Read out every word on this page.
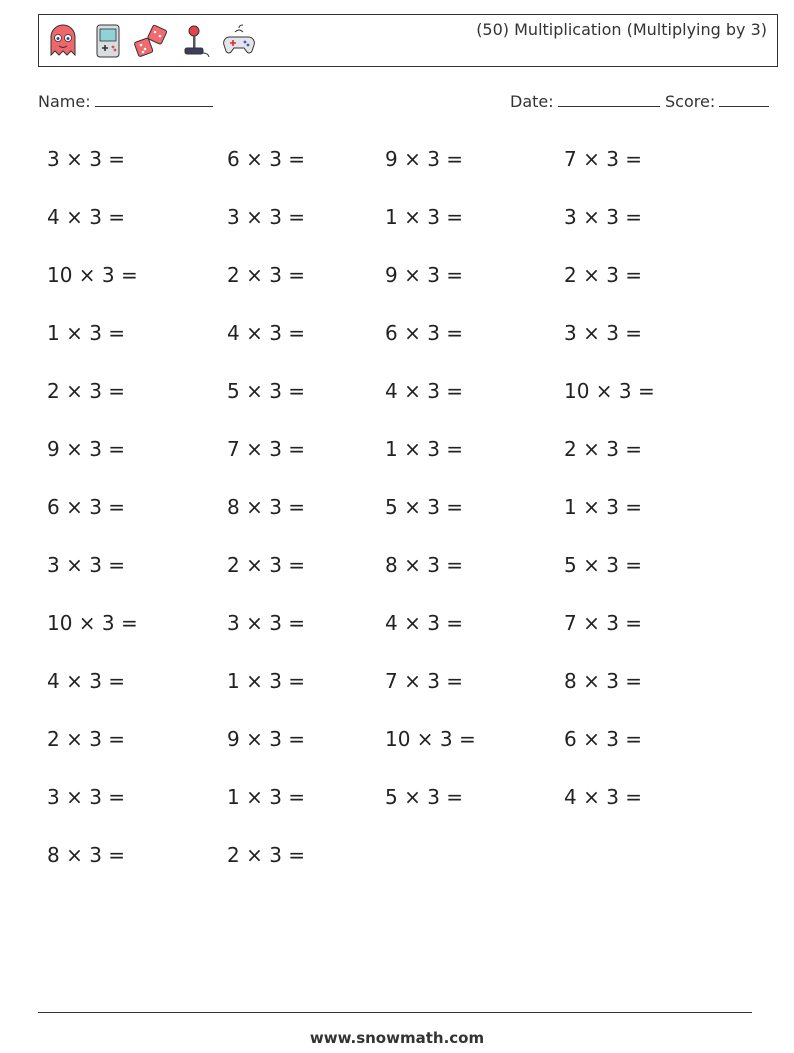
(50) Multiplication (Multiplying by 3)
Name:	Date:	Score:
3 × 3 =	6 × 3 =	9 × 3 =	7 × 3 =
4 × 3 =	3 × 3 =	1 × 3 =	3 × 3 =
10 × 3 =	2 × 3 =	9 × 3 =	2 × 3 =
1 × 3 =	4 × 3 =	6 × 3 =	3 × 3 =
2 × 3 =	5 × 3 =	4 × 3 =	10 × 3 =
9 × 3 =	7 × 3 =	1 × 3 =	2 × 3 =
6 × 3 =	8 × 3 =	5 × 3 =	1 × 3 =
3 × 3 =	2 × 3 =	8 × 3 =	5 × 3 =
10 × 3 =	3 × 3 =	4 × 3 =	7 × 3 =
4 × 3 =	1 × 3 =	7 × 3 =	8 × 3 =
2 × 3 =	9 × 3 =	10 × 3 =	6 × 3 =
3 × 3 =	1 × 3 =	5 × 3 =	4 × 3 =
8 × 3 =	2 × 3 =
www.snowmath.com
